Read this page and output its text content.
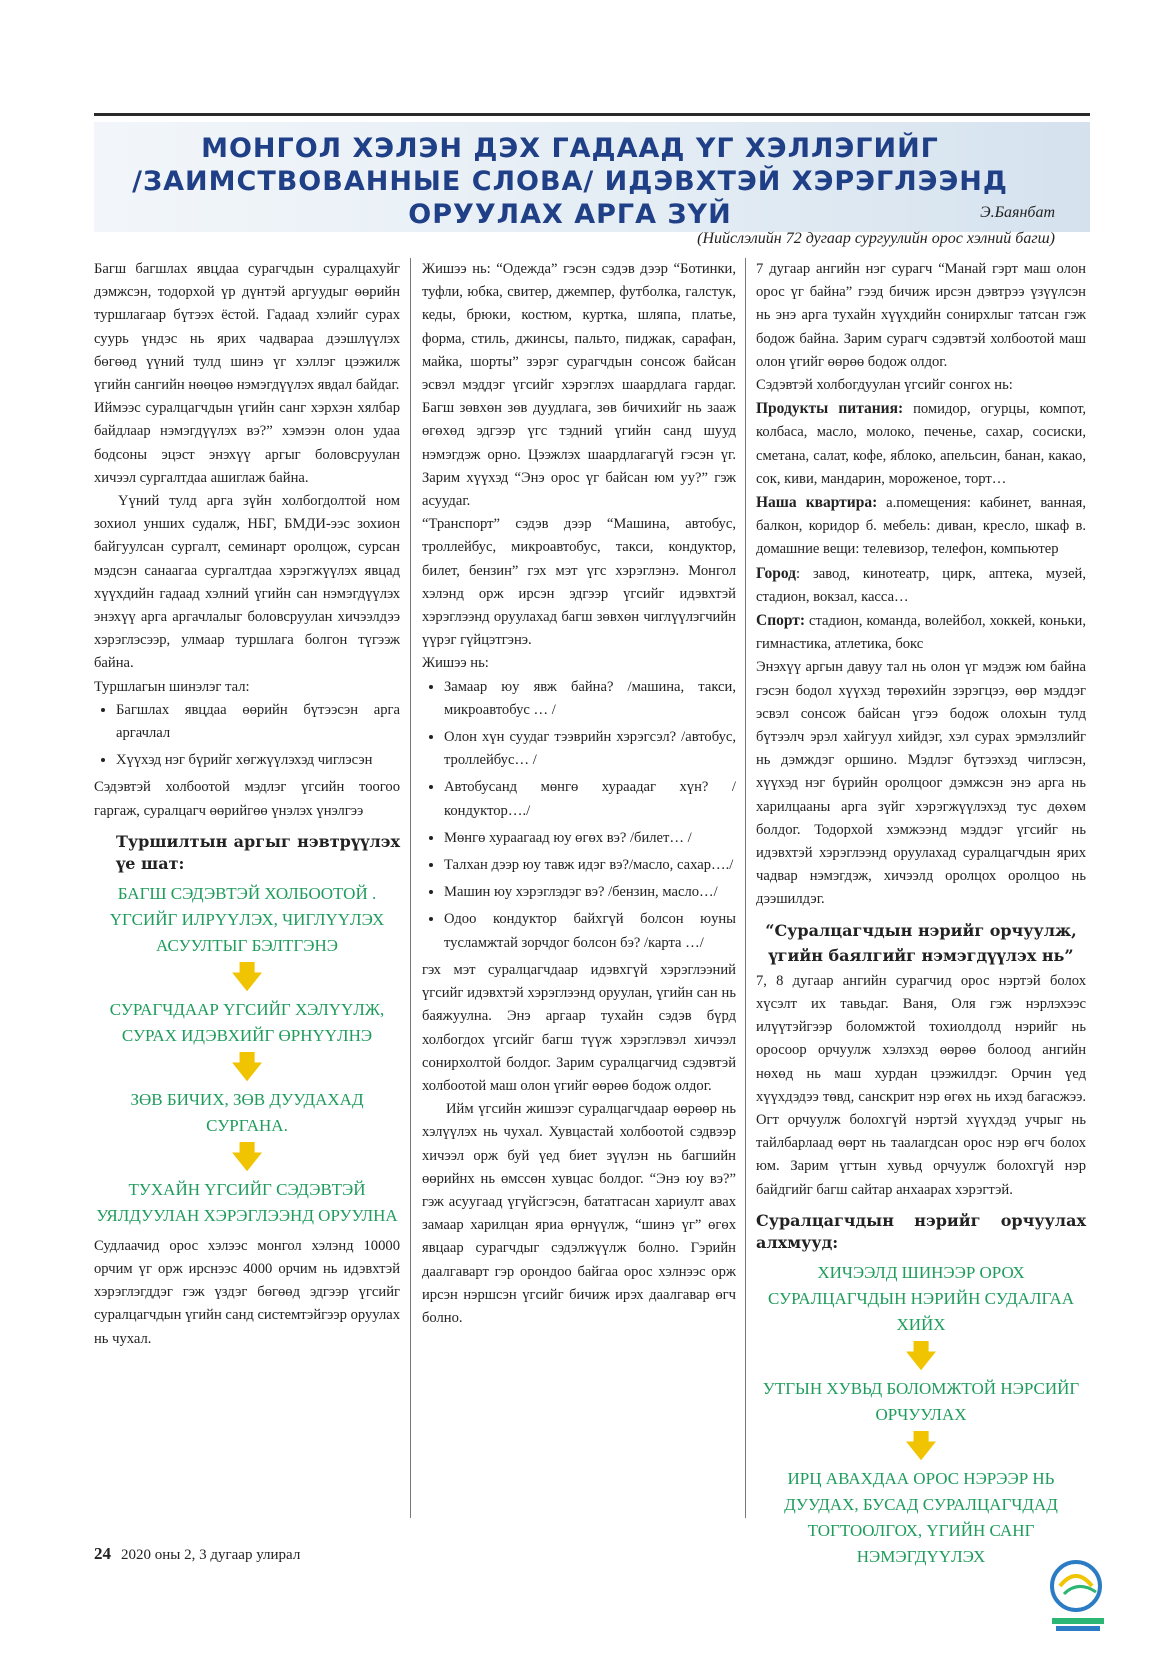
МОНГОЛ ХЭЛЭН ДЭХ ГАДААД ҮГ ХЭЛЛЭГИЙГ
/ЗАИМСТВОВАННЫЕ СЛОВА/ ИДЭВХТЭЙ ХЭРЭГЛЭЭНД
ОРУУЛАХ АРГА ЗҮЙ	Э.Баянбат
(Нийслэлийн 72 дугаар сургуулийн орос хэлний багш)

Багш багшлах явцдаа сурагчдын суралцахуйг дэмжсэн, тодорхой үр дүнтэй аргуудыг өөрийн туршлагаар бүтээх ёстой. Гадаад хэлийг сурах суурь үндэс нь ярих чадвараа дээшлүүлэх бөгөөд үүний тулд шинэ үг хэллэг цээжилж үгийн сангийн нөөцөө нэмэгдүүлэх явдал байдаг.

Иймээс суралцагчдын үгийн санг хэрхэн хялбар байдлаар нэмэгдүүлэх вэ?” хэмээн олон удаа бодсоны эцэст энэхүү аргыг боловсруулан хичээл сургалтдаа ашиглаж байна.

Үүний тулд арга зүйн холбогдолтой ном зохиол унших судалж, НБГ, БМДИ-ээс зохион байгуулсан сургалт, семинарт оролцож, сурсан мэдсэн санаагаа сургалтдаа хэрэгжүүлэх явцад хүүхдийн гадаад хэлний үгийн сан нэмэгдүүлэх энэхүү арга аргачлалыг боловсруулан хичээлдээ хэрэглэсээр, улмаар туршлага болгон түгээж байна.

Туршлагын шинэлэг тал:

• Багшлах явцдаа өөрийн бүтээсэн арга аргачлал
• Хүүхэд нэг бүрийг хөгжүүлэхэд чиглэсэн

Сэдэвтэй холбоотой мэдлэг үгсийн тоогоо гаргаж, суралцагч өөрийгөө үнэлэх үнэлгээ

Туршилтын аргыг нэвтрүүлэх үе шат:

БАГШ СЭДЭВТЭЙ ХОЛБООТОЙ . ҮГСИЙГ ИЛРҮҮЛЭХ, ЧИГЛҮҮЛЭХ АСУУЛТЫГ БЭЛТГЭНЭ

🡇

СУРАГЧДААР ҮГСИЙГ ХЭЛҮҮЛЖ, СУРАХ ИДЭВХИЙГ ӨРНҮҮЛНЭ

🡇

ЗӨВ БИЧИХ, ЗӨВ ДУУДАХАД СУРГАНА.

🡇

ТУХАЙН ҮГСИЙГ СЭДЭВТЭЙ УЯЛДУУЛАН ХЭРЭГЛЭЭНД ОРУУЛНА

Судлаачид орос хэлээс монгол хэлэнд 10000 орчим үг орж ирснээс 4000 орчим нь идэвхтэй хэрэглэгддэг гэж үздэг бөгөөд эдгээр үгсийг суралцагчдын үгийн санд системтэйгээр оруулах нь чухал.

Жишээ нь: “Одежда” гэсэн сэдэв дээр “Ботинки, туфли, юбка, свитер, джемпер, футболка, галстук, кеды, брюки, костюм, куртка, шляпа, платье, форма, стиль, джинсы, пальто, пиджак, сарафан, майка, шорты” зэрэг сурагчдын сонсож байсан эсвэл мэддэг үгсийг хэрэглэх шаардлага гардаг. Багш зөвхөн зөв дуудлага, зөв бичихийг нь зааж өгөхөд эдгээр үгс тэдний үгийн санд шууд нэмэгдэж орно. Цээжлэх шаардлагагүй гэсэн үг. Зарим хүүхэд “Энэ орос үг байсан юм уу?” гэж асуудаг.

“Транспорт” сэдэв дээр “Машина, автобус, троллейбус, микроавтобус, такси, кондуктор, билет, бензин” гэх мэт үгс хэрэглэнэ. Монгол хэлэнд орж ирсэн эдгээр үгсийг идэвхтэй хэрэглээнд оруулахад багш зөвхөн чиглүүлэгчийн үүрэг гүйцэтгэнэ.

Жишээ нь:

• Замаар юу явж байна? /машина, такси, микроавтобус … /
• Олон хүн суудаг тээврийн хэрэгсэл? /автобус, троллейбус… /
• Автобусанд мөнгө хураадаг хүн? /кондуктор…./
• Мөнгө хураагаад юу өгөх вэ? /билет… /
• Талхан дээр юу тавж идэг вэ?/масло, сахар…./
• Машин юу хэрэглэдэг вэ? /бензин, масло…/
• Одоо кондуктор байхгүй болсон юуны тусламжтай зорчдог болсон бэ? /карта …/

гэх мэт суралцагчдаар идэвхгүй хэрэглээний үгсийг идэвхтэй хэрэглээнд оруулан, үгийн сан нь баяжуулна. Энэ аргаар тухайн сэдэв бүрд холбогдох үгсийг багш түүж хэрэглэвэл хичээл сонирхолтой болдог. Зарим суралцагчид сэдэвтэй холбоотой маш олон үгийг өөрөө бодож олдог.

Ийм үгсийн жишээг суралцагчдаар өөрөөр нь хэлүүлэх нь чухал. Хувцастай холбоотой сэдвээр хичээл орж буй үед биет зүүлэн нь багшийн өөрийнх нь өмссөн хувцас болдог. “Энэ юу вэ?” гэж асуугаад үгүйсгэсэн, бататгасан хариулт авах замаар харилцан яриа өрнүүлж, “шинэ үг” өгөх явцаар сурагчдыг сэдэлжүүлж болно. Гэрийн даалгаварт гэр орондоо байгаа орос хэлнээс орж ирсэн нэршсэн үгсийг бичиж ирэх даалгавар өгч болно.

7 дугаар ангийн нэг сурагч “Манай гэрт маш олон орос үг байна” гээд бичиж ирсэн дэвтрээ үзүүлсэн нь энэ арга тухайн хүүхдийн сонирхлыг татсан гэж бодож байна. Зарим сурагч сэдэвтэй холбоотой маш олон үгийг өөрөө бодож олдог.

Сэдэвтэй холбогдуулан үгсийг сонгох нь:

Продукты питания: помидор, огурцы, компот, колбаса, масло, молоко, печенье, сахар, сосиски, сметана, салат, кофе, яблоко, апельсин, банан, какао, сок, киви, мандарин, мороженое, торт…

Наша квартира: а.помещения: кабинет, ванная, балкон, коридор б. мебель: диван, кресло, шкаф в. домашние вещи: телевизор, телефон, компьютер

Город: завод, кинотеатр, цирк, аптека, музей, стадион, вокзал, касса…

Спорт: стадион, команда, волейбол, хоккей, коньки, гимнастика, атлетика, бокс

Энэхүү аргын давуу тал нь олон үг мэдэж юм байна гэсэн бодол хүүхэд төрөхийн зэрэгцээ, өөр мэддэг эсвэл сонсож байсан үгээ бодож олохын тулд бүтээлч эрэл хайгуул хийдэг, хэл сурах эрмэлзлийг нь дэмждэг оршино. Мэдлэг бүтээхэд чиглэсэн, хүүхэд нэг бүрийн оролцоог дэмжсэн энэ арга нь харилцааны арга зүйг хэрэгжүүлэхэд тус дөхөм болдог. Тодорхой хэмжээнд мэддэг үгсийг нь идэвхтэй хэрэглээнд оруулахад суралцагчдын ярих чадвар нэмэгдэж, хичээлд оролцох оролцоо нь дээшилдэг.

“Суралцагчдын нэрийг орчуулж,
үгийн баялгийг нэмэгдүүлэх нь”

7, 8 дугаар ангийн сурагчид орос нэртэй болох хүсэлт их тавьдаг. Ваня, Оля гэж нэрлэхээс илүүтэйгээр боломжтой тохиолдолд нэрийг нь оросоор орчуулж хэлэхэд өөрөө болоод ангийн нөхөд нь маш хурдан цээжилдэг. Орчин үед хүүхдэдээ төвд, санскрит нэр өгөх нь ихэд багасжээ. Огт орчуулж болохгүй нэртэй хүүхдэд учрыг нь тайлбарлаад өөрт нь таалагдсан орос нэр өгч болох юм. Зарим үгтын хувьд орчуулж болохгүй нэр байдгийг багш сайтар анхаарах хэрэгтэй.

Суралцагчдын нэрийг орчуулах алхмууд:

ХИЧЭЭЛД ШИНЭЭР ОРОХ СУРАЛЦАГЧДЫН НЭРИЙН СУДАЛГАА ХИЙХ

🡇

УТГЫН ХУВЬД БОЛОМЖТОЙ НЭРСИЙГ ОРЧУУЛАХ

🡇

ИРЦ АВАХДАА ОРОС НЭРЭЭР НЬ ДУУДАХ, БУСАД СУРАЛЦАГЧДАД ТОГТООЛГОХ, ҮГИЙН САНГ НЭМЭГДҮҮЛЭХ

24 2020 оны 2, 3 дугаар улирал
